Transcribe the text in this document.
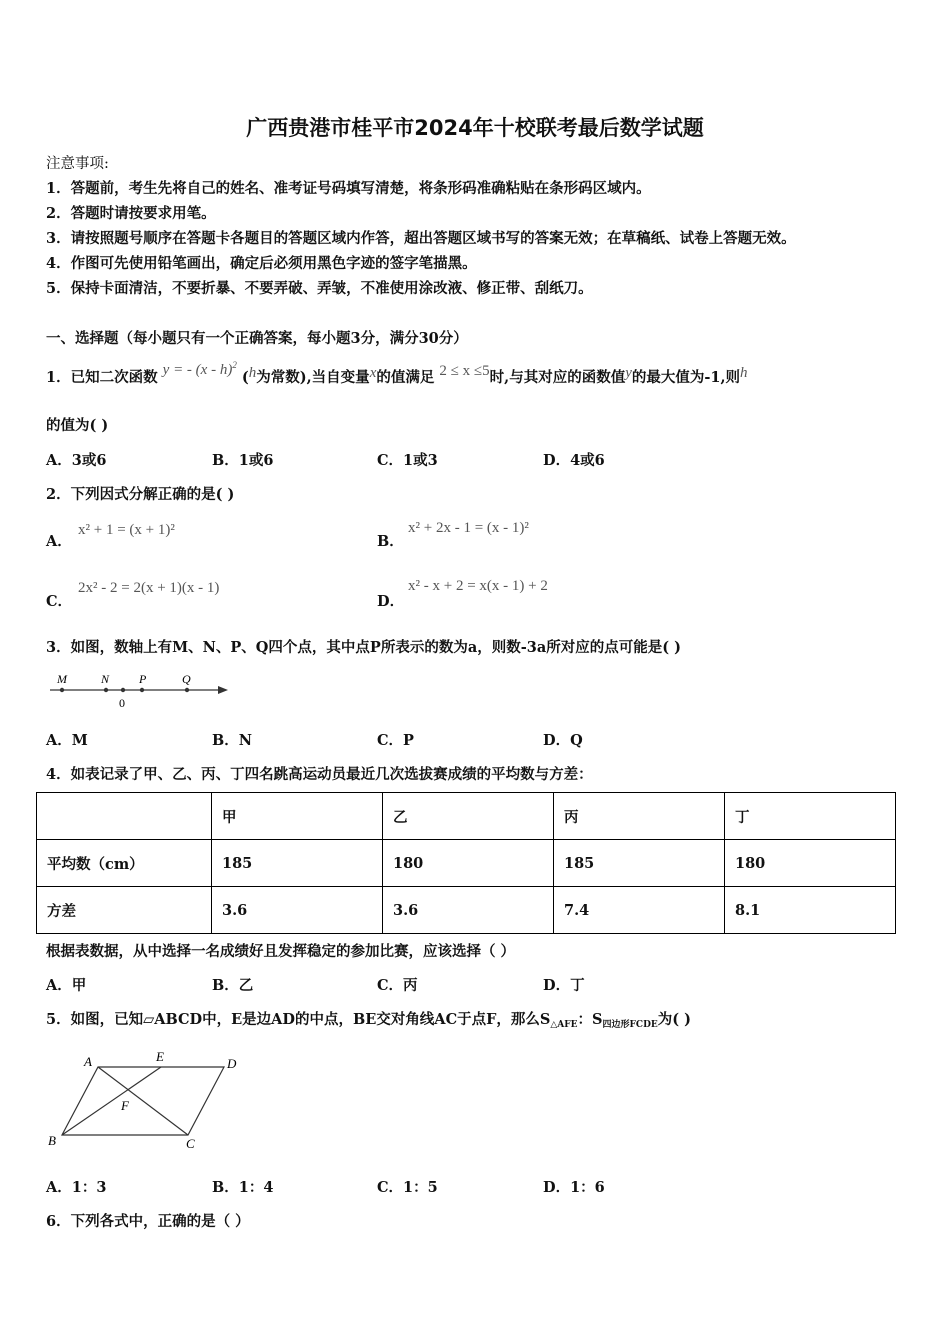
广西贵港市桂平市2024年十校联考最后数学试题
注意事项:
1．答题前，考生先将自己的姓名、准考证号码填写清楚，将条形码准确粘贴在条形码区域内。
2．答题时请按要求用笔。
3．请按照题号顺序在答题卡各题目的答题区域内作答，超出答题区域书写的答案无效；在草稿纸、试卷上答题无效。
4．作图可先使用铅笔画出，确定后必须用黑色字迹的签字笔描黑。
5．保持卡面清洁，不要折暴、不要弄破、弄皱，不准使用涂改液、修正带、刮纸刀。
一、选择题（每小题只有一个正确答案，每小题3分，满分30分）
1．已知二次函数 y = - (x - h)$^2$ (h为常数),当自变量x的值满足 2 ≤ x ≤5时,与其对应的函数值y的最大值为-1,则h
的值为( )
A．3或6	B．1或6	C．1或3	D．4或6
2．下列因式分解正确的是( )
A．
x² + 1 = (x + 1)²
B．
x² + 2x - 1 = (x - 1)²
C．
2x² - 2 = 2(x + 1)(x - 1)
D．
x² - x + 2 = x(x - 1) + 2
3．如图，数轴上有M、N、P、Q四个点，其中点P所表示的数为a，则数-3a所对应的点可能是( )
M	N P	Q
0
A．M	B．N	C．P	D．Q
4．如表记录了甲、乙、丙、丁四名跳高运动员最近几次选拔赛成绩的平均数与方差：
	甲	乙	丙	丁
平均数（cm）	185	180	185	180
方差	3.6	3.6	7.4	8.1
根据表数据，从中选择一名成绩好且发挥稳定的参加比赛，应该选择（ ）
A．甲	B．乙	C．丙	D．丁
5．如图，已知▱ABCD中，E是边AD的中点，BE交对角线AC于点F，那么$S_{\triangle AFE}$：$S_{四边形FCDE}$为( )
A	E	D
F
B	C
A．1：3	B．1：4	C．1：5	D．1：6
6．下列各式中，正确的是（ ）
